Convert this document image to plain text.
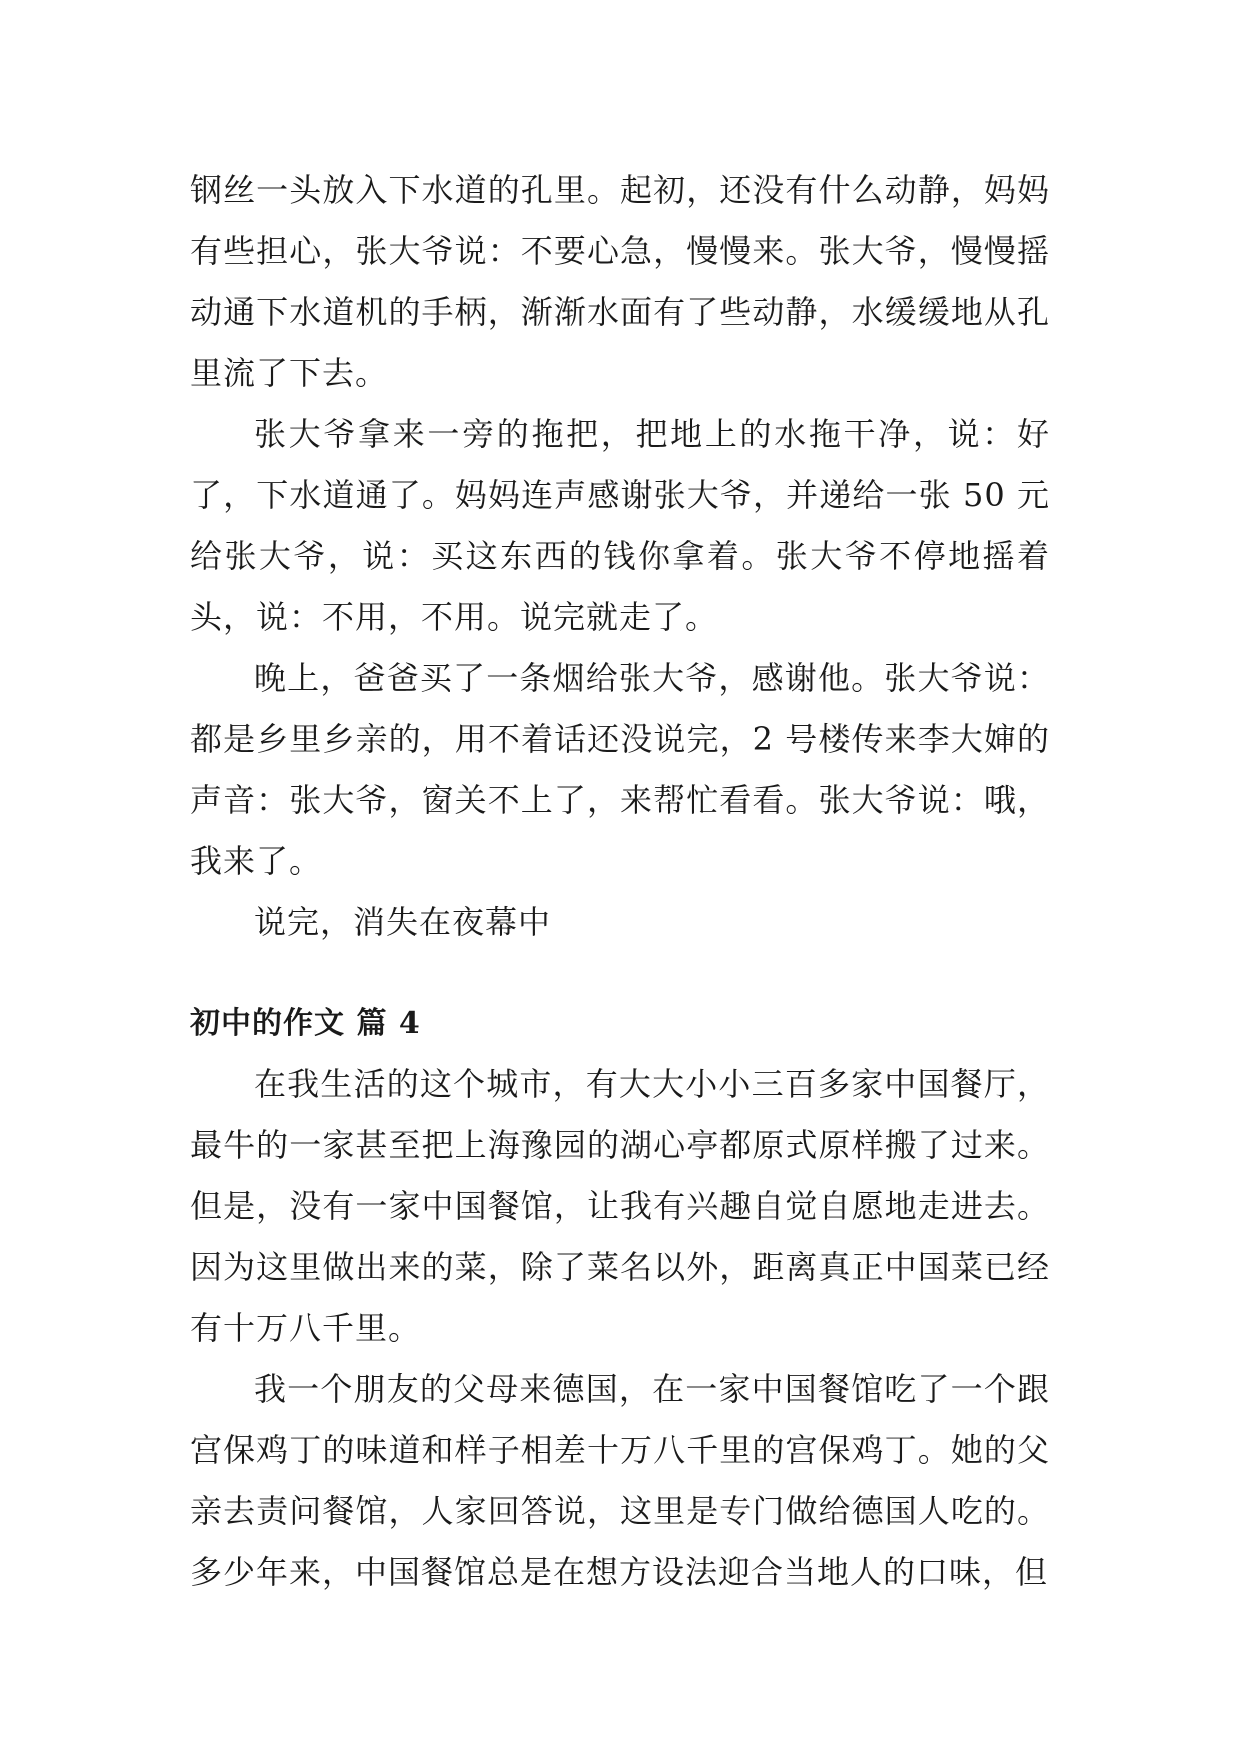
钢丝一头放入下水道的孔里。起初，还没有什么动静，妈妈有些担心，张大爷说：不要心急，慢慢来。张大爷，慢慢摇动通下水道机的手柄，渐渐水面有了些动静，水缓缓地从孔里流了下去。

张大爷拿来一旁的拖把，把地上的水拖干净，说：好了，下水道通了。妈妈连声感谢张大爷，并递给一张 50 元给张大爷，说：买这东西的钱你拿着。张大爷不停地摇着头，说：不用，不用。说完就走了。

晚上，爸爸买了一条烟给张大爷，感谢他。张大爷说：都是乡里乡亲的，用不着话还没说完，2 号楼传来李大婶的声音：张大爷，窗关不上了，来帮忙看看。张大爷说：哦，我来了。

说完，消失在夜幕中

初中的作文 篇 4

在我生活的这个城市，有大大小小三百多家中国餐厅，最牛的一家甚至把上海豫园的湖心亭都原式原样搬了过来。但是，没有一家中国餐馆，让我有兴趣自觉自愿地走进去。因为这里做出来的菜，除了菜名以外，距离真正中国菜已经有十万八千里。

我一个朋友的父母来德国，在一家中国餐馆吃了一个跟宫保鸡丁的味道和样子相差十万八千里的宫保鸡丁。她的父亲去责问餐馆，人家回答说，这里是专门做给德国人吃的。多少年来，中国餐馆总是在想方设法迎合当地人的口味，但
